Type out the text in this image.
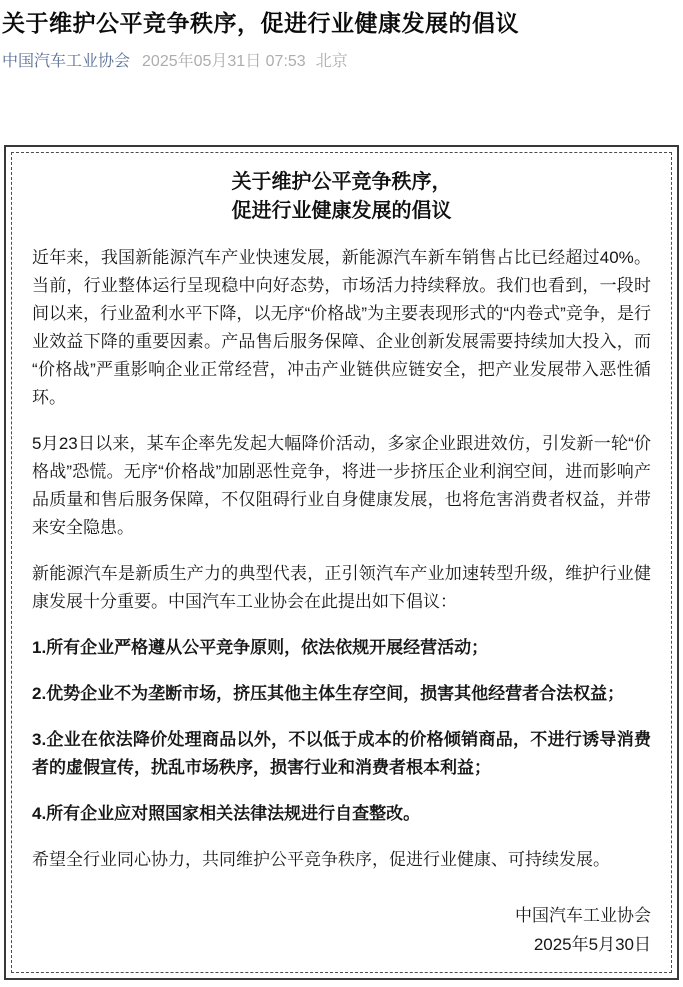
关于维护公平竞争秩序，促进行业健康发展的倡议
中国汽车工业协会 2025年05月31日 07:53 北京
关于维护公平竞争秩序，
促进行业健康发展的倡议

近年来，我国新能源汽车产业快速发展，新能源汽车新车销售占比已经超过40%。当前，行业整体运行呈现稳中向好态势，市场活力持续释放。我们也看到，一段时间以来，行业盈利水平下降，以无序“价格战”为主要表现形式的“内卷式”竞争，是行业效益下降的重要因素。产品售后服务保障、企业创新发展需要持续加大投入，而“价格战”严重影响企业正常经营，冲击产业链供应链安全，把产业发展带入恶性循环。

5月23日以来，某车企率先发起大幅降价活动，多家企业跟进效仿，引发新一轮“价格战”恐慌。无序“价格战”加剧恶性竞争，将进一步挤压企业利润空间，进而影响产品质量和售后服务保障，不仅阻碍行业自身健康发展，也将危害消费者权益，并带来安全隐患。

新能源汽车是新质生产力的典型代表，正引领汽车产业加速转型升级，维护行业健康发展十分重要。中国汽车工业协会在此提出如下倡议：

1.所有企业严格遵从公平竞争原则，依法依规开展经营活动；

2.优势企业不为垄断市场，挤压其他主体生存空间，损害其他经营者合法权益；

3.企业在依法降价处理商品以外，不以低于成本的价格倾销商品，不进行诱导消费者的虚假宣传，扰乱市场秩序，损害行业和消费者根本利益；

4.所有企业应对照国家相关法律法规进行自查整改。

希望全行业同心协力，共同维护公平竞争秩序，促进行业健康、可持续发展。

中国汽车工业协会

2025年5月30日
